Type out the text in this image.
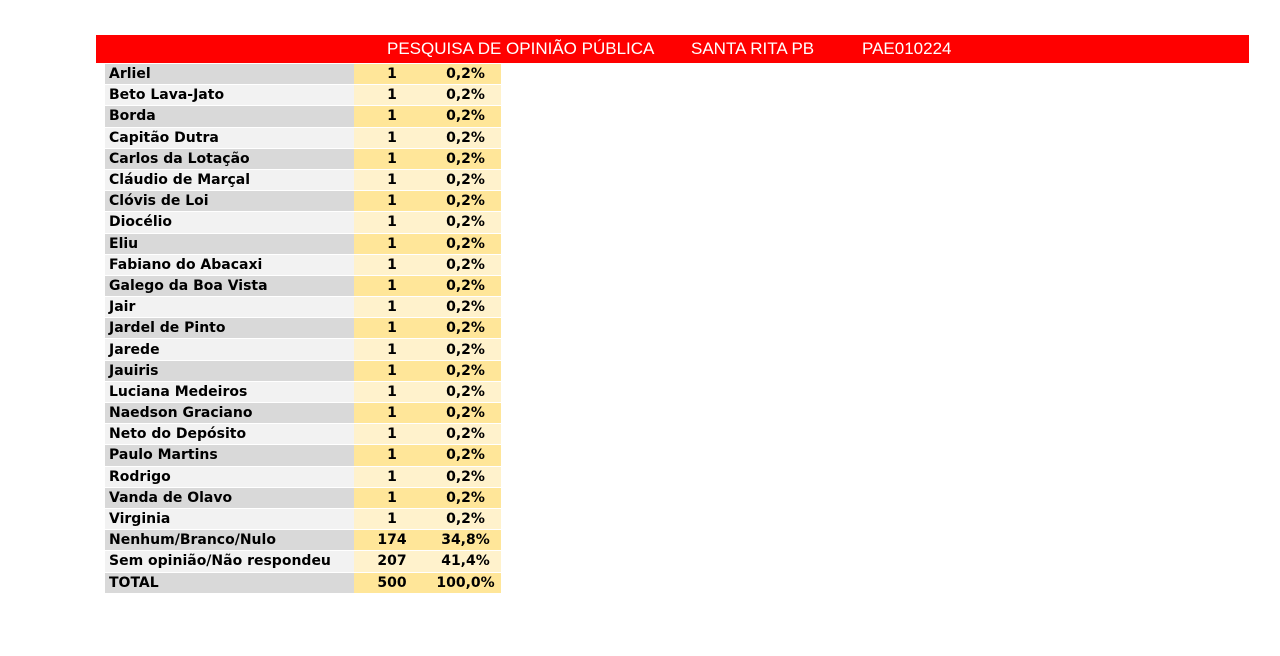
PESQUISA DE OPINIÃO PÚBLICA SANTA RITA PB	PAE010224
Arliel	1	0,2%
Beto Lava-Jato	1	0,2%
Borda	1	0,2%
Capitão Dutra	1	0,2%
Carlos da Lotação	1	0,2%
Cláudio de Marçal	1	0,2%
Clóvis de Loi	1	0,2%
Diocélio	1	0,2%
Eliu	1	0,2%
Fabiano do Abacaxi	1	0,2%
Galego da Boa Vista	1	0,2%
Jair	1	0,2%
Jardel de Pinto	1	0,2%
Jarede	1	0,2%
Jauiris	1	0,2%
Luciana Medeiros	1	0,2%
Naedson Graciano	1	0,2%
Neto do Depósito	1	0,2%
Paulo Martins	1	0,2%
Rodrigo	1	0,2%
Vanda de Olavo	1	0,2%
Virginia	1	0,2%
Nenhum/Branco/Nulo	174	34,8%
Sem opinião/Não respondeu	207	41,4%
TOTAL	500	100,0%
